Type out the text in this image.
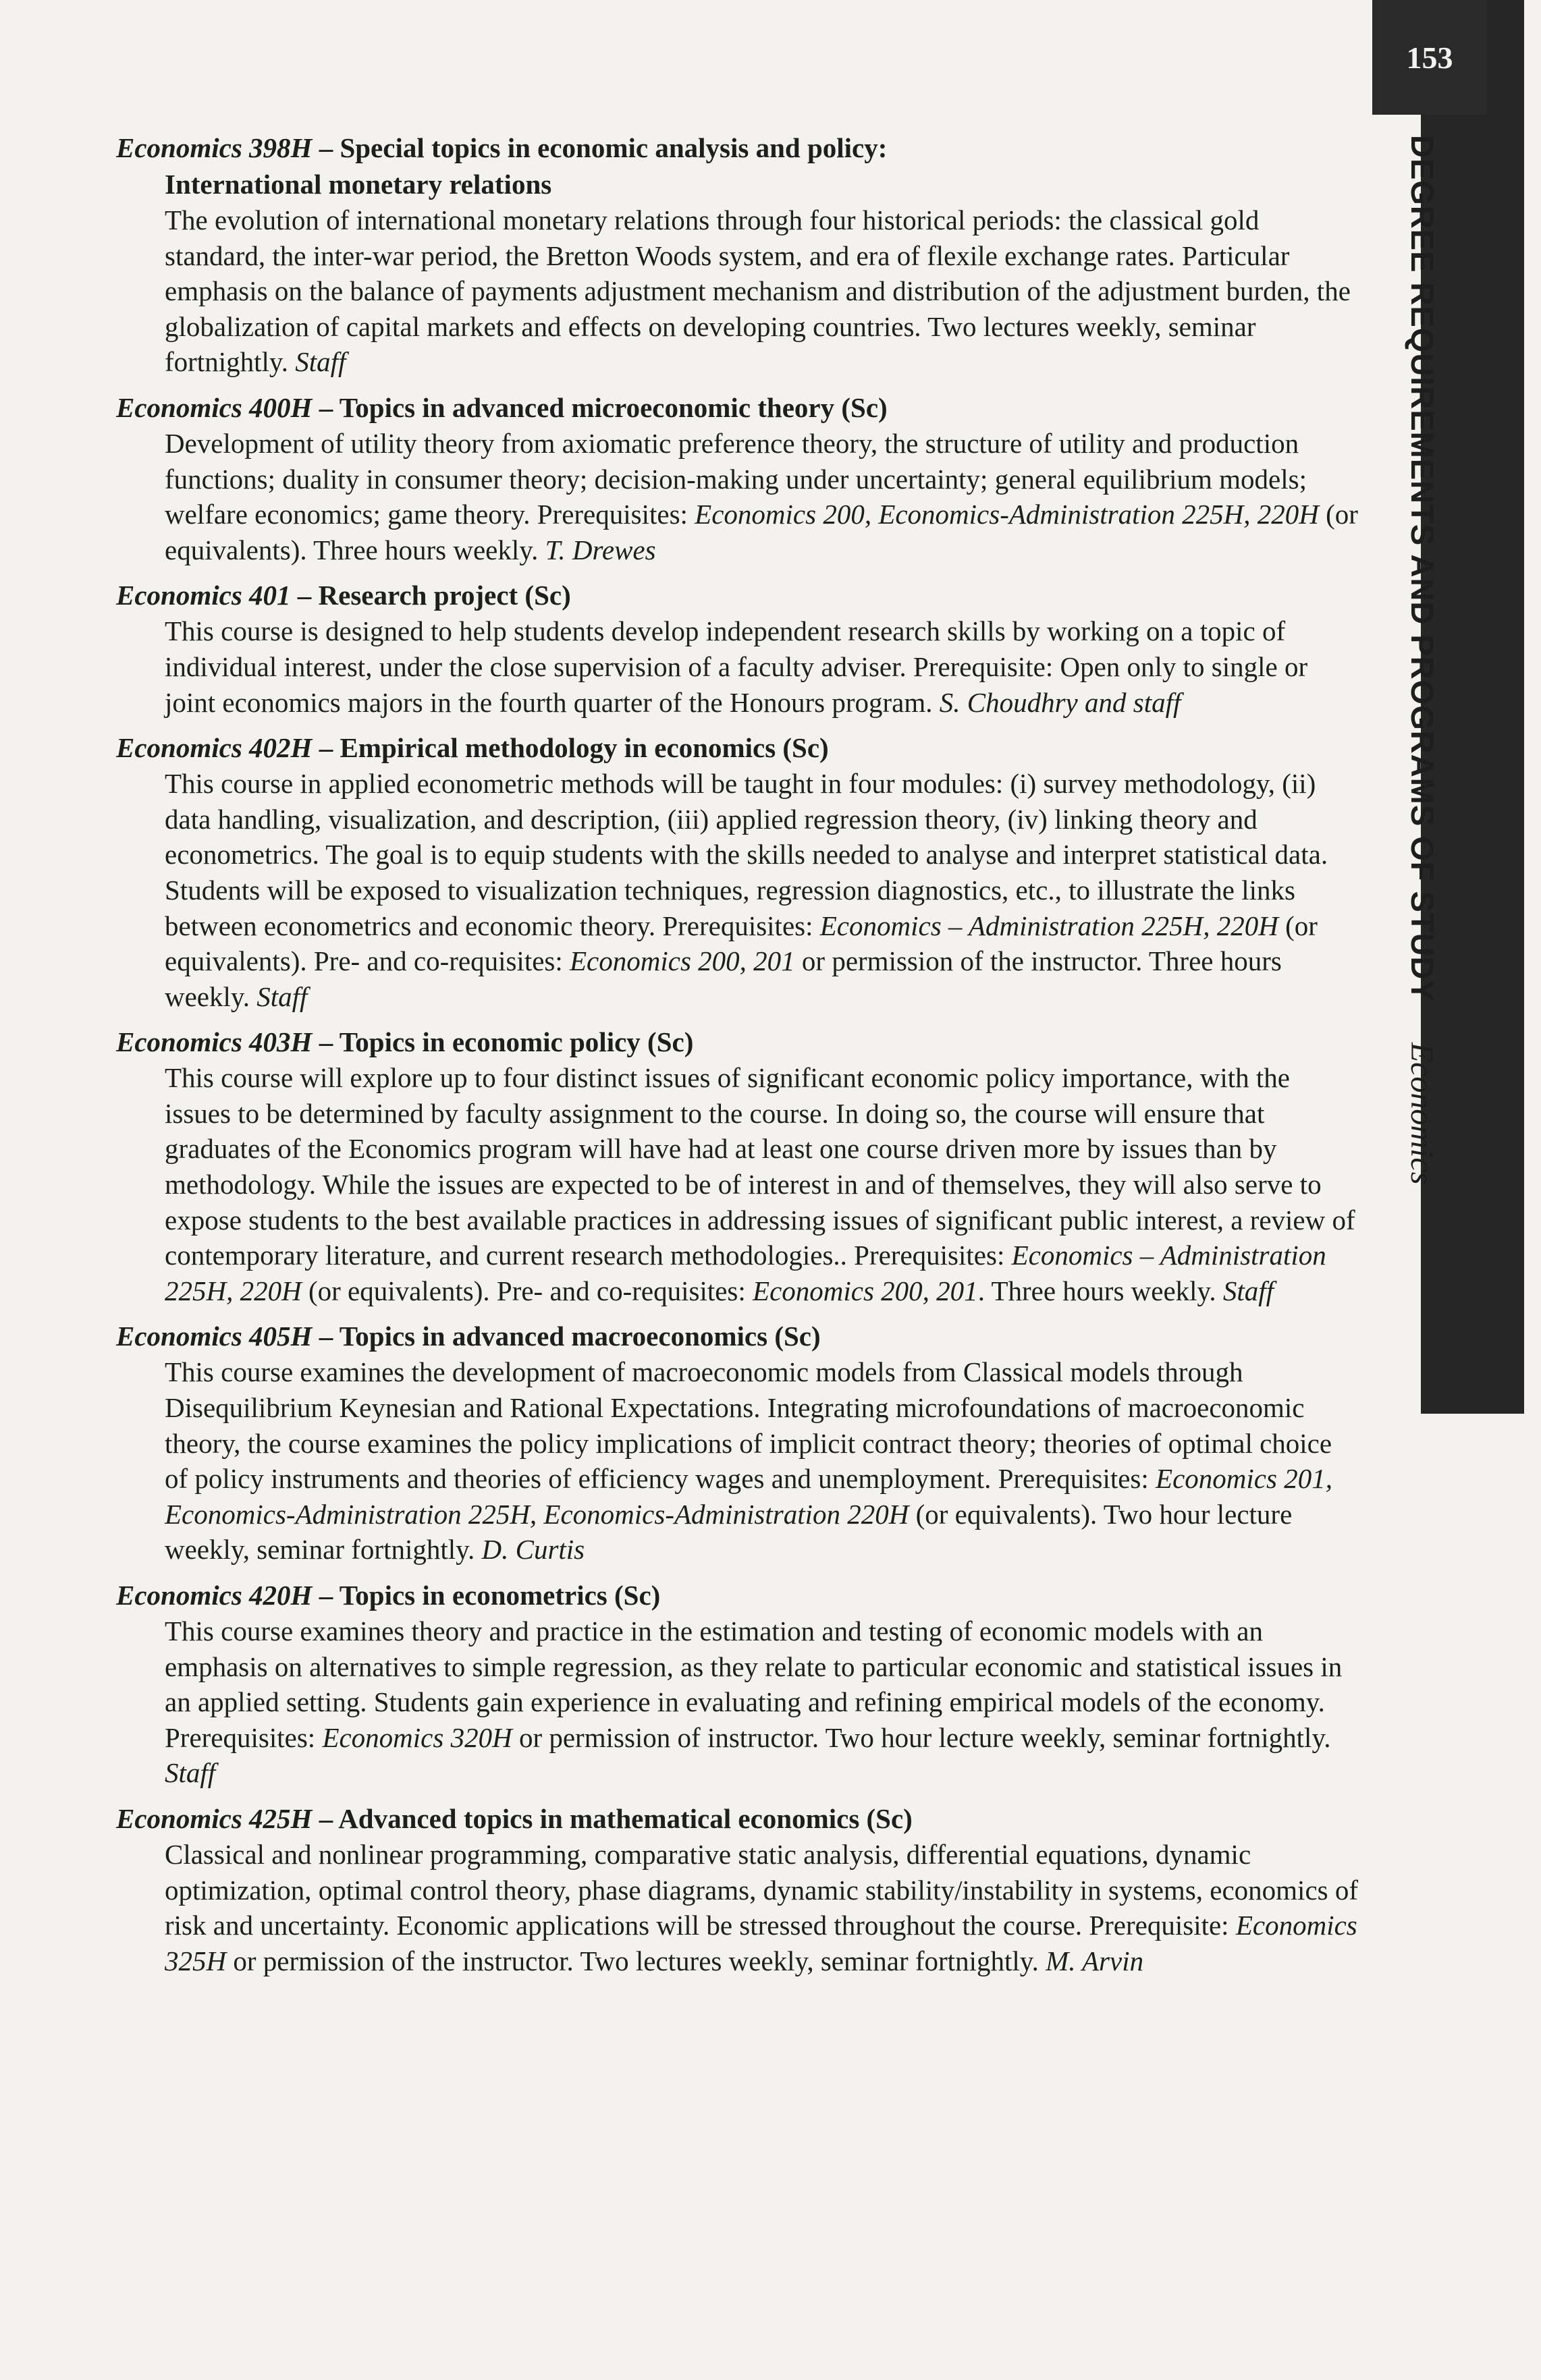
153
DEGREE REQUIREMENTS AND PROGRAMS OF STUDYEconomics
Economics 398H – Special topics in economic analysis and policy:
International monetary relations
The evolution of international monetary relations through four historical periods: the classical gold standard, the inter-war period, the Bretton Woods system, and era of flexile exchange rates. Particular emphasis on the balance of payments adjustment mechanism and distribution of the adjustment burden, the globalization of capital markets and effects on developing countries. Two lectures weekly, seminar fortnightly. Staff
Economics 400H – Topics in advanced microeconomic theory (Sc)
Development of utility theory from axiomatic preference theory, the structure of utility and production functions; duality in consumer theory; decision-making under uncertainty; general equilibrium models; welfare economics; game theory. Prerequisites: Economics 200, Economics-Administration 225H, 220H (or equivalents). Three hours weekly. T. Drewes
Economics 401 – Research project (Sc)
This course is designed to help students develop independent research skills by working on a topic of individual interest, under the close supervision of a faculty adviser. Prerequisite: Open only to single or joint economics majors in the fourth quarter of the Honours program. S. Choudhry and staff
Economics 402H – Empirical methodology in economics (Sc)
This course in applied econometric methods will be taught in four modules: (i) survey methodology, (ii) data handling, visualization, and description, (iii) applied regression theory, (iv) linking theory and econometrics. The goal is to equip students with the skills needed to analyse and interpret statistical data. Students will be exposed to visualization techniques, regression diagnostics, etc., to illustrate the links between econometrics and economic theory. Prerequisites: Economics – Administration 225H, 220H (or equivalents). Pre- and co-requisites: Economics 200, 201 or permission of the instructor. Three hours weekly. Staff
Economics 403H – Topics in economic policy (Sc)
This course will explore up to four distinct issues of significant economic policy importance, with the issues to be determined by faculty assignment to the course. In doing so, the course will ensure that graduates of the Economics program will have had at least one course driven more by issues than by methodology. While the issues are expected to be of interest in and of themselves, they will also serve to expose students to the best available practices in addressing issues of significant public interest, a review of contemporary literature, and current research methodologies.. Prerequisites: Economics – Administration 225H, 220H (or equivalents). Pre- and co-requisites: Economics 200, 201. Three hours weekly. Staff
Economics 405H – Topics in advanced macroeconomics (Sc)
This course examines the development of macroeconomic models from Classical models through Disequilibrium Keynesian and Rational Expectations. Integrating microfoundations of macroeconomic theory, the course examines the policy implications of implicit contract theory; theories of optimal choice of policy instruments and theories of efficiency wages and unemployment. Prerequisites: Economics 201, Economics-Administration 225H, Economics-Administration 220H (or equivalents). Two hour lecture weekly, seminar fortnightly. D. Curtis
Economics 420H – Topics in econometrics (Sc)
This course examines theory and practice in the estimation and testing of economic models with an emphasis on alternatives to simple regression, as they relate to particular economic and statistical issues in an applied setting. Students gain experience in evaluating and refining empirical models of the economy. Prerequisites: Economics 320H or permission of instructor. Two hour lecture weekly, seminar fortnightly. Staff
Economics 425H – Advanced topics in mathematical economics (Sc)
Classical and nonlinear programming, comparative static analysis, differential equations, dynamic optimization, optimal control theory, phase diagrams, dynamic stability/instability in systems, economics of risk and uncertainty. Economic applications will be stressed throughout the course. Prerequisite: Economics 325H or permission of the instructor. Two lectures weekly, seminar fortnightly. M. Arvin
